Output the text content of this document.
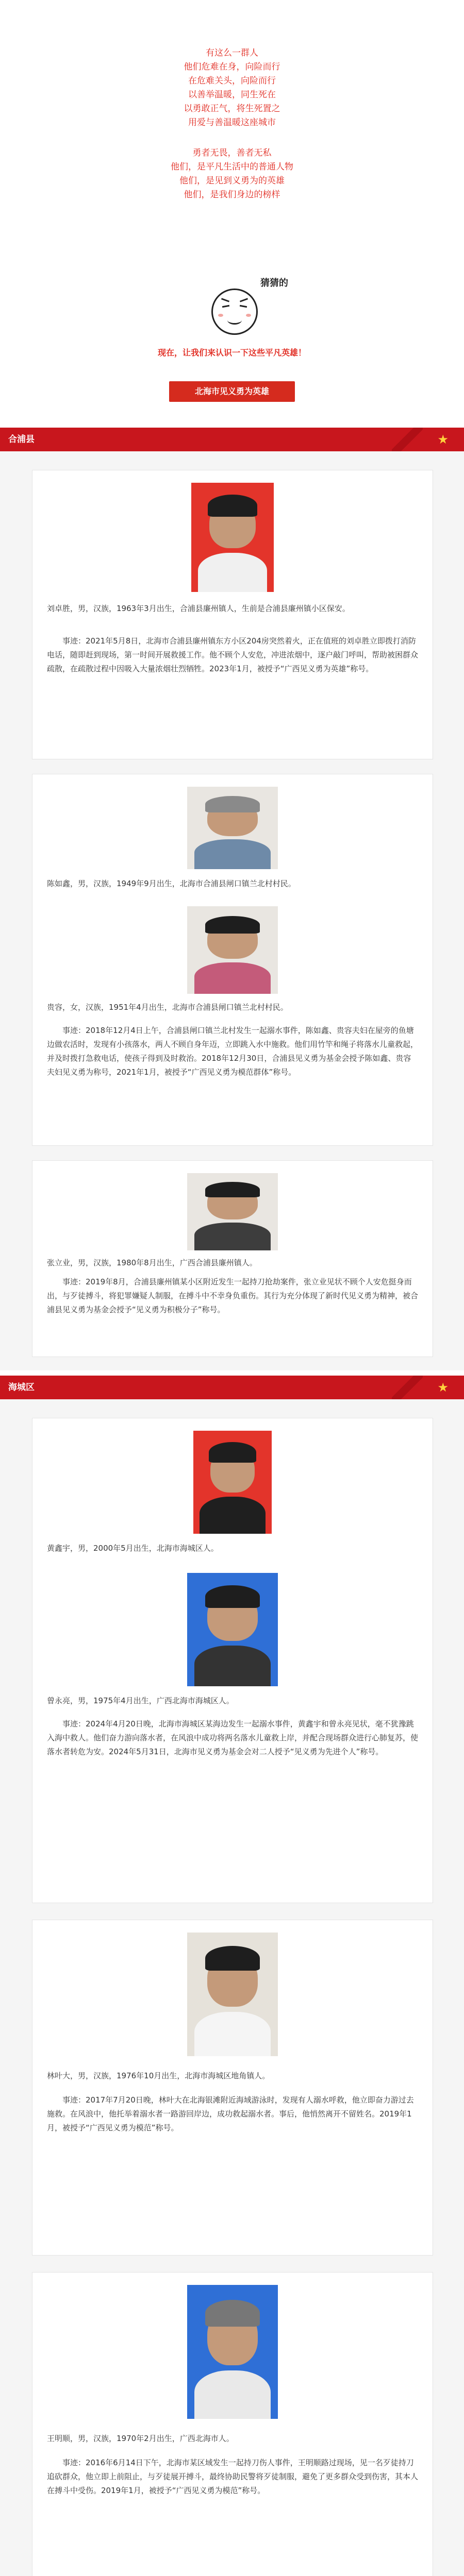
有这么一群人

他们危难在身，向险而行

在危难关头，向险而行

以善举温暖，同生死在

以勇敢正气，将生死置之

用爱与善温暖这座城市

勇者无畏，善者无私

他们，是平凡生活中的普通人物

他们，是见到义勇为的英雄

他们，是我们身边的榜样

猜猜的
现在，让我们来认识一下这些平凡英雄！
北海市见义勇为英雄
合浦县	★
刘卓胜，男，汉族，1963年3月出生，合浦县廉州镇人，生前是合浦县廉州镇小区保安。
事迹：2021年5月8日，北海市合浦县廉州镇东方小区204房突然着火，正在值班的刘卓胜立即拨打消防电话，随即赶到现场，第一时间开展救援工作。他不顾个人安危，冲进浓烟中，逐户敲门呼叫，帮助被困群众疏散，在疏散过程中因吸入大量浓烟壮烈牺牲。2023年1月，被授予“广西见义勇为英雄”称号。
陈如鑫，男，汉族，1949年9月出生，北海市合浦县闸口镇兰北村村民。
贵容，女，汉族，1951年4月出生，北海市合浦县闸口镇兰北村村民。
事迹：2018年12月4日上午，合浦县闸口镇兰北村发生一起溺水事件，陈如鑫、贵容夫妇在屋旁的鱼塘边做农活时，发现有小孩落水，两人不顾自身年迈，立即跳入水中施救。他们用竹竿和绳子将落水儿童救起，并及时拨打急救电话，使孩子得到及时救治。2018年12月30日，合浦县见义勇为基金会授予陈如鑫、贵容夫妇见义勇为称号，2021年1月，被授予“广西见义勇为模范群体”称号。
张立业，男，汉族，1980年8月出生，广西合浦县廉州镇人。
事迹：2019年8月，合浦县廉州镇某小区附近发生一起持刀抢劫案件，张立业见状不顾个人安危挺身而出，与歹徒搏斗，将犯罪嫌疑人制服，在搏斗中不幸身负重伤。其行为充分体现了新时代见义勇为精神，被合浦县见义勇为基金会授予“见义勇为积极分子”称号。
海城区	★
黄鑫宇，男，2000年5月出生，北海市海城区人。
曾永亮，男，1975年4月出生，广西北海市海城区人。
事迹：2024年4月20日晚，北海市海城区某海边发生一起溺水事件，黄鑫宇和曾永亮见状，毫不犹豫跳入海中救人。他们奋力游向落水者，在风浪中成功将两名落水儿童救上岸，并配合现场群众进行心肺复苏，使落水者转危为安。2024年5月31日，北海市见义勇为基金会对二人授予“见义勇为先进个人”称号。
林叶大，男，汉族，1976年10月出生，北海市海城区地角镇人。
事迹：2017年7月20日晚，林叶大在北海银滩附近海域游泳时，发现有人溺水呼救，他立即奋力游过去施救。在风浪中，他托举着溺水者一路游回岸边，成功救起溺水者。事后，他悄然离开不留姓名。2019年1月，被授予“广西见义勇为模范”称号。
王明顺，男，汉族，1970年2月出生，广西北海市人。
事迹：2016年6月14日下午，北海市某区域发生一起持刀伤人事件，王明顺路过现场，见一名歹徒持刀追砍群众，他立即上前阻止，与歹徒展开搏斗，最终协助民警将歹徒制服，避免了更多群众受到伤害，其本人在搏斗中受伤。2019年1月，被授予“广西见义勇为模范”称号。
